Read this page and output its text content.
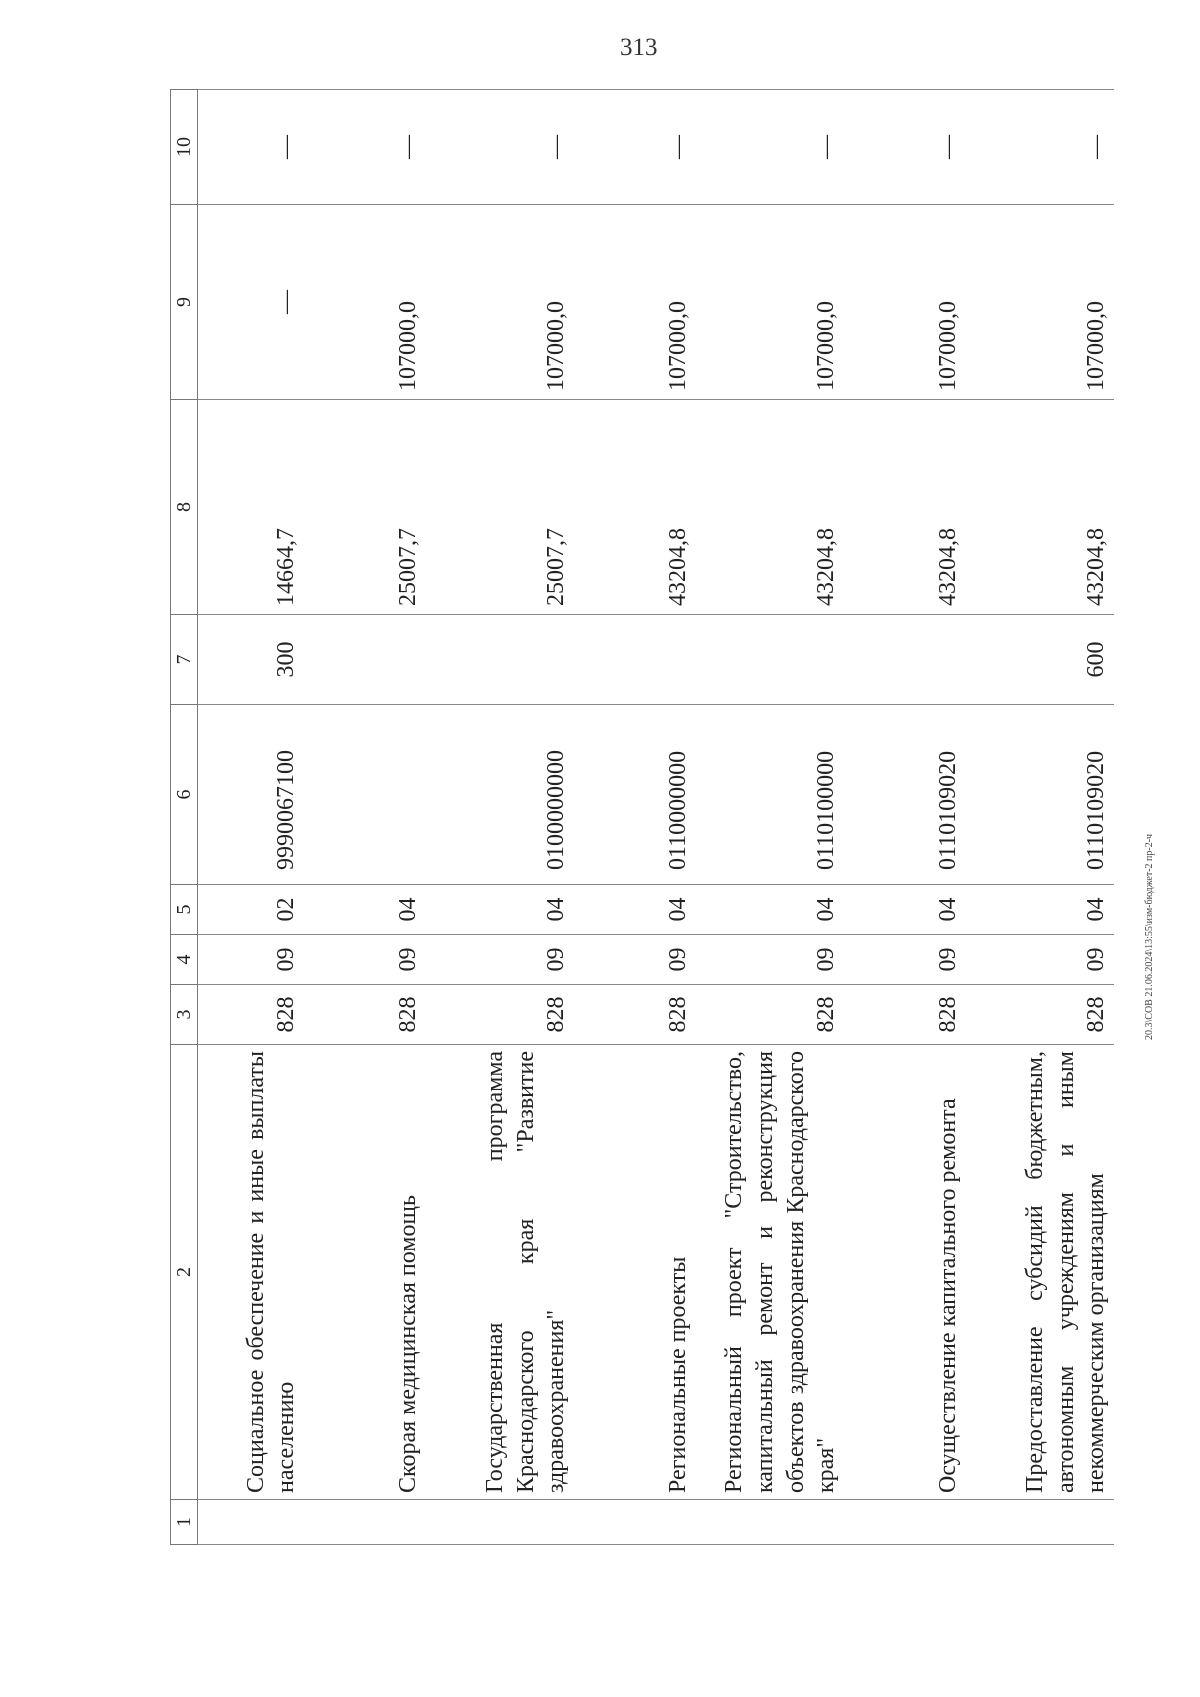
313
20.3\СОВ 21.06.2024\13:55\изм-бюджет-2 пр-2-ч
1	2	3	4	5	6	7	8	9	10
	Социальное обеспечение и иные выплаты населению	828	09	02	9990067100	300	14664,7	—	—
	Скорая медицинская помощь	828	09	04			25007,7	107000,0	—
	Государственная программа Краснодарского края "Развитие здравоохранения"	828	09	04	0100000000		25007,7	107000,0	—
	Региональные проекты	828	09	04	0110000000		43204,8	107000,0	—
	Региональный проект "Строительство, капитальный ремонт и реконструкция объектов здравоохранения Краснодарского края"	828	09	04	0110100000		43204,8	107000,0	—
	Осуществление капитального ремонта	828	09	04	0110109020		43204,8	107000,0	—
	Предоставление субсидий бюджетным, автономным учреждениям и иным некоммерческим организациям	828	09	04	0110109020	600	43204,8	107000,0	—
